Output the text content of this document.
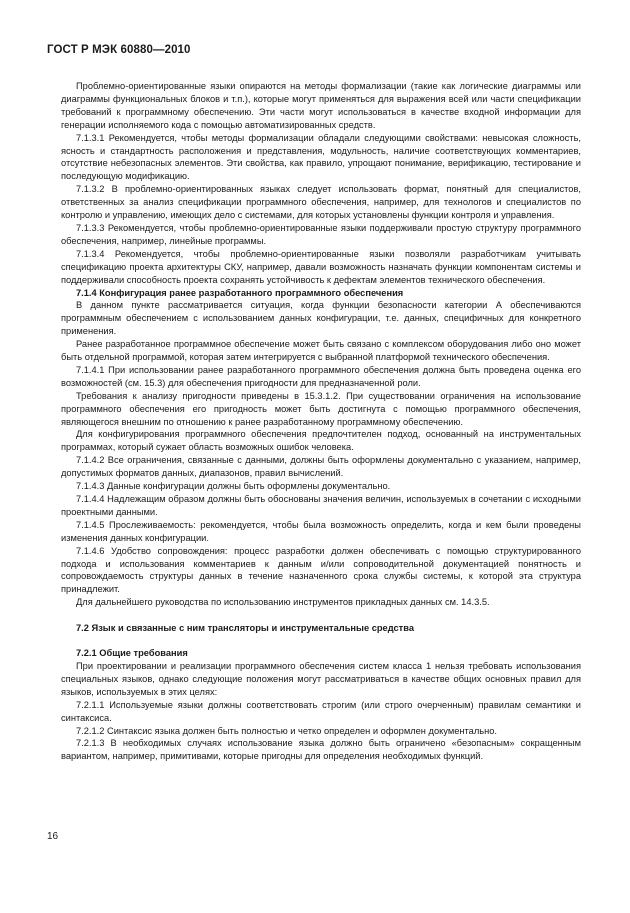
ГОСТ Р МЭК 60880—2010

Проблемно-ориентированные языки опираются на методы формализации (такие как логические диаграммы или диаграммы функциональных блоков и т.п.), которые могут применяться для выражения всей или части спецификации требований к программному обеспечению. Эти части могут использоваться в качестве входной информации для генерации исполняемого кода с помощью автоматизированных средств.

7.1.3.1 Рекомендуется, чтобы методы формализации обладали следующими свойствами: невысокая сложность, ясность и стандартность расположения и представления, модульность, наличие соответствующих комментариев, отсутствие небезопасных элементов. Эти свойства, как правило, упрощают понимание, верификацию, тестирование и последующую модификацию.

7.1.3.2 В проблемно-ориентированных языках следует использовать формат, понятный для специалистов, ответственных за анализ спецификации программного обеспечения, например, для технологов и специалистов по контролю и управлению, имеющих дело с системами, для которых установлены функции контроля и управления.

7.1.3.3 Рекомендуется, чтобы проблемно-ориентированные языки поддерживали простую структуру программного обеспечения, например, линейные программы.

7.1.3.4 Рекомендуется, чтобы проблемно-ориентированные языки позволяли разработчикам учитывать спецификацию проекта архитектуры СКУ, например, давали возможность назначать функции компонентам системы и поддерживали способность проекта сохранять устойчивость к дефектам элементов технического обеспечения.

7.1.4 Конфигурация ранее разработанного программного обеспечения

В данном пункте рассматривается ситуация, когда функции безопасности категории А обеспечиваются программным обеспечением с использованием данных конфигурации, т.е. данных, специфичных для конкретного применения.

Ранее разработанное программное обеспечение может быть связано с комплексом оборудования либо оно может быть отдельной программой, которая затем интегрируется с выбранной платформой технического обеспечения.

7.1.4.1 При использовании ранее разработанного программного обеспечения должна быть проведена оценка его возможностей (см. 15.3) для обеспечения пригодности для предназначенной роли.

Требования к анализу пригодности приведены в 15.3.1.2. При существовании ограничения на использование программного обеспечения его пригодность может быть достигнута с помощью программного обеспечения, являющегося внешним по отношению к ранее разработанному программному обеспечению.

Для конфигурирования программного обеспечения предпочтителен подход, основанный на инструментальных программах, который сужает область возможных ошибок человека.

7.1.4.2 Все ограничения, связанные с данными, должны быть оформлены документально с указанием, например, допустимых форматов данных, диапазонов, правил вычислений.

7.1.4.3 Данные конфигурации должны быть оформлены документально.

7.1.4.4 Надлежащим образом должны быть обоснованы значения величин, используемых в сочетании с исходными проектными данными.

7.1.4.5 Прослеживаемость: рекомендуется, чтобы была возможность определить, когда и кем были проведены изменения данных конфигурации.

7.1.4.6 Удобство сопровождения: процесс разработки должен обеспечивать с помощью структурированного подхода и использования комментариев к данным и/или сопроводительной документацией понятность и сопровождаемость структуры данных в течение назначенного срока службы системы, к которой эта структура принадлежит.

Для дальнейшего руководства по использованию инструментов прикладных данных см. 14.3.5.

7.2 Язык и связанные с ним трансляторы и инструментальные средства
7.2.1 Общие требования

При проектировании и реализации программного обеспечения систем класса 1 нельзя требовать использования специальных языков, однако следующие положения могут рассматриваться в качестве общих основных правил для языков, используемых в этих целях:

7.2.1.1 Используемые языки должны соответствовать строгим (или строго очерченным) правилам семантики и синтаксиса.

7.2.1.2 Синтаксис языка должен быть полностью и четко определен и оформлен документально.

7.2.1.3 В необходимых случаях использование языка должно быть ограничено «безопасным» сокращенным вариантом, например, примитивами, которые пригодны для определения необходимых функций.

16
